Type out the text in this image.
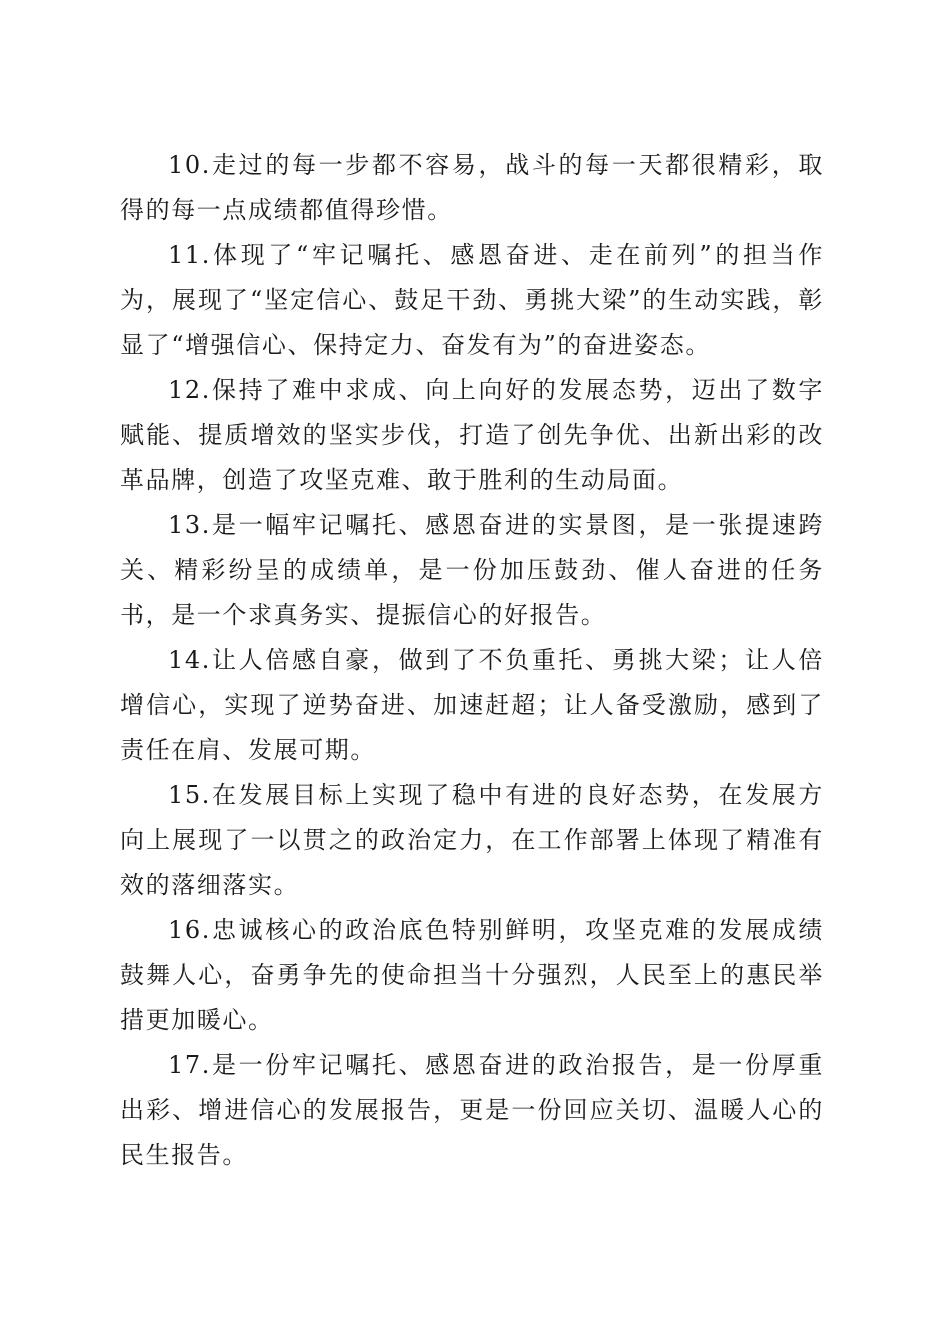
10.走过的每一步都不容易，战斗的每一天都很精彩，取得的每一点成绩都值得珍惜。

11.体现了“牢记嘱托、感恩奋进、走在前列”的担当作为，展现了“坚定信心、鼓足干劲、勇挑大梁”的生动实践，彰显了“增强信心、保持定力、奋发有为”的奋进姿态。

12.保持了难中求成、向上向好的发展态势，迈出了数字赋能、提质增效的坚实步伐，打造了创先争优、出新出彩的改革品牌，创造了攻坚克难、敢于胜利的生动局面。

13.是一幅牢记嘱托、感恩奋进的实景图，是一张提速跨关、精彩纷呈的成绩单，是一份加压鼓劲、催人奋进的任务书，是一个求真务实、提振信心的好报告。

14.让人倍感自豪，做到了不负重托、勇挑大梁；让人倍增信心，实现了逆势奋进、加速赶超；让人备受激励，感到了责任在肩、发展可期。

15.在发展目标上实现了稳中有进的良好态势，在发展方向上展现了一以贯之的政治定力，在工作部署上体现了精准有效的落细落实。

16.忠诚核心的政治底色特别鲜明，攻坚克难的发展成绩鼓舞人心，奋勇争先的使命担当十分强烈，人民至上的惠民举措更加暖心。

17.是一份牢记嘱托、感恩奋进的政治报告，是一份厚重出彩、增进信心的发展报告，更是一份回应关切、温暖人心的民生报告。
